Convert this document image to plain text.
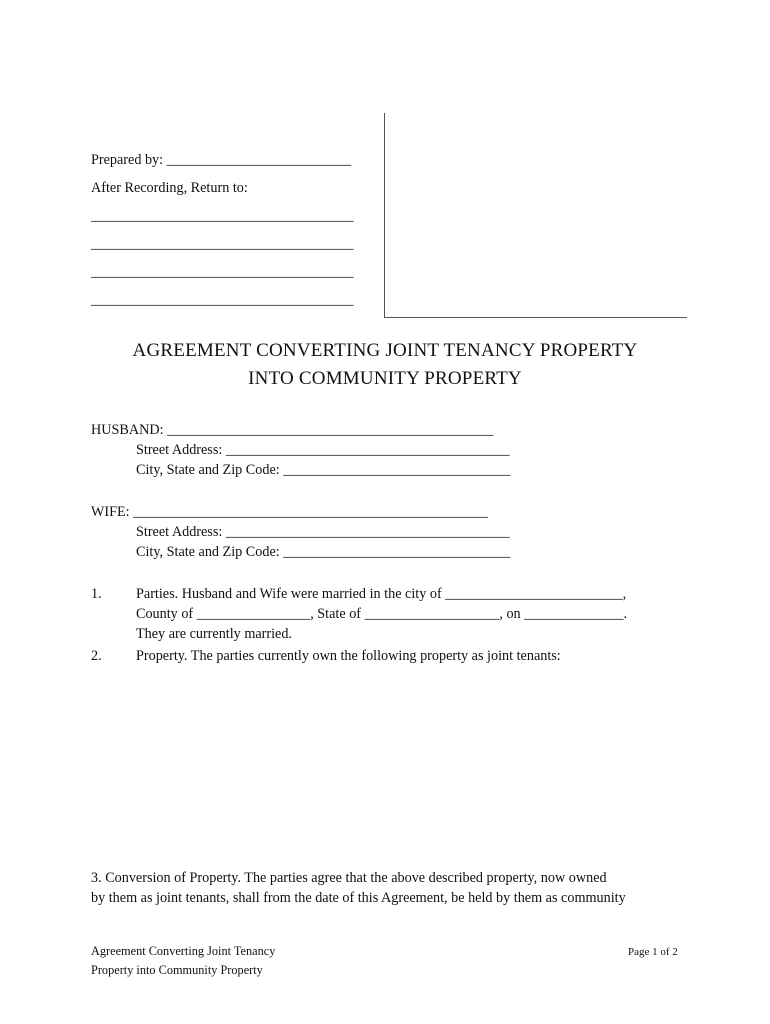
Prepared by: __________________________
After Recording, Return to:
_____________________________________
_____________________________________
_____________________________________
_____________________________________
AGREEMENT CONVERTING JOINT TENANCY PROPERTY
INTO COMMUNITY PROPERTY
HUSBAND: ______________________________________________
Street Address: ________________________________________
City, State and Zip Code: ________________________________
WIFE: __________________________________________________
Street Address: ________________________________________
City, State and Zip Code: ________________________________
1. Parties. Husband and Wife were married in the city of _________________________,
County of ________________, State of ___________________, on ______________.
They are currently married.
2. Property. The parties currently own the following property as joint tenants:
3. Conversion of Property. The parties agree that the above described property, now owned
by them as joint tenants, shall from the date of this Agreement, be held by them as community
Agreement Converting Joint Tenancy
Property into Community Property
Page 1 of 2
